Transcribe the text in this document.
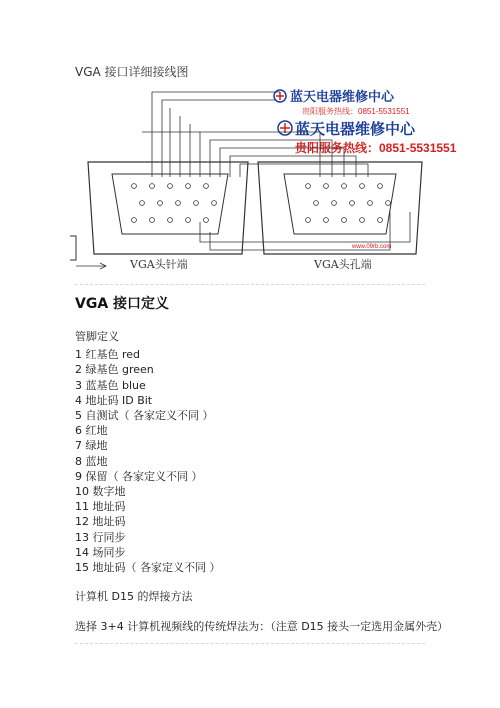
VGA 接口详细接线图
蓝天电器维修中心
贵阳服务热线：0851-5531551
蓝天电器维修中心
贵阳服务热线：0851-5531551
VGA头针端
www.09rb.com
VGA头孔端
VGA 接口定义
管脚定义
1 红基色 red
2 绿基色 green
3 蓝基色 blue
4 地址码 ID Bit
5 自测试（ 各家定义不同 ）
6 红地
7 绿地
8 蓝地
9 保留（ 各家定义不同 ）
10 数字地
11 地址码
12 地址码
13 行同步
14 场同步
15 地址码（ 各家定义不同 ）
计算机 D15 的焊接方法
选择 3+4 计算机视频线的传统焊法为：（注意 D15 接头一定选用金属外壳）
